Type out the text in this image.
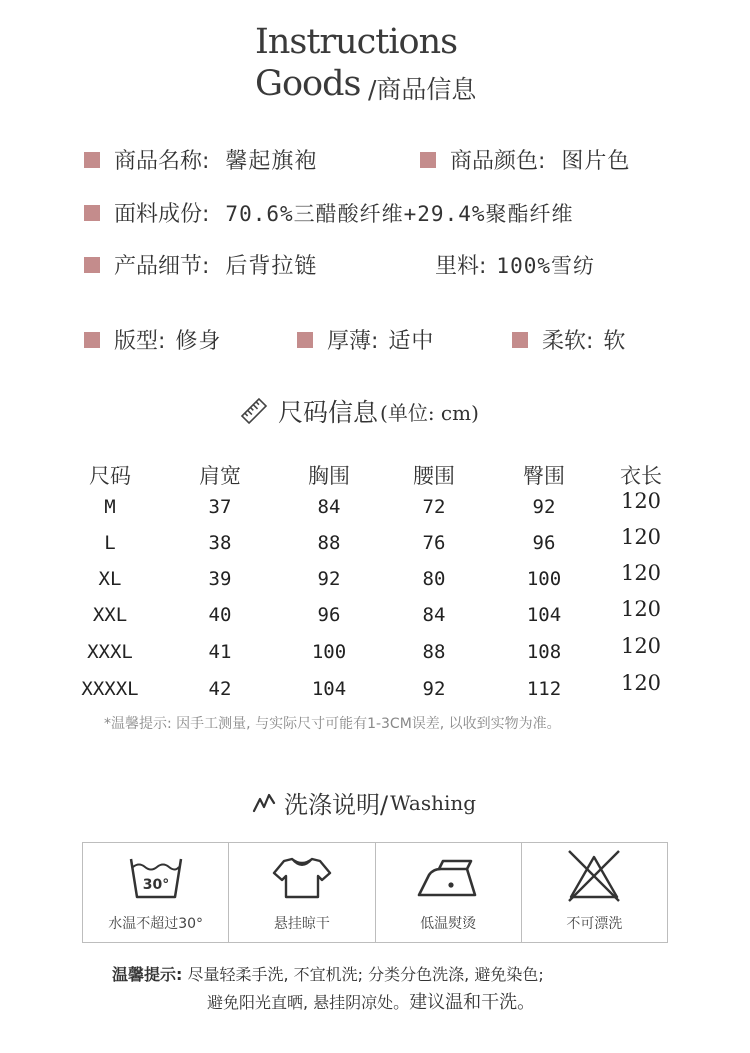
Instructions
Goods /商品信息
商品名称: 馨起旗袍	商品颜色: 图片色
面料成份: 70.6%三醋酸纤维+29.4%聚酯纤维
产品细节: 后背拉链	里料: 100%雪纺
版型: 修身	厚薄: 适中	柔软: 软
尺码信息 (单位: cm)
尺码	肩宽	胸围	腰围	臀围	衣长
M	37	84	72	92	120
L	38	88	76	96	120
XL	39	92	80	100	120
XXL	40	96	84	104	120
XXXL	41	100	88	108	120
XXXXL	42	104	92	112	120
*温馨提示: 因手工测量, 与实际尺寸可能有1-3CM误差, 以收到实物为准。
洗涤说明/ Washing
30°
水温不超过30°	悬挂晾干	低温熨烫	不可漂洗
温馨提示: 尽量轻柔手洗, 不宜机洗; 分类分色洗涤, 避免染色;
避免阳光直晒, 悬挂阴凉处。建议温和干洗。
